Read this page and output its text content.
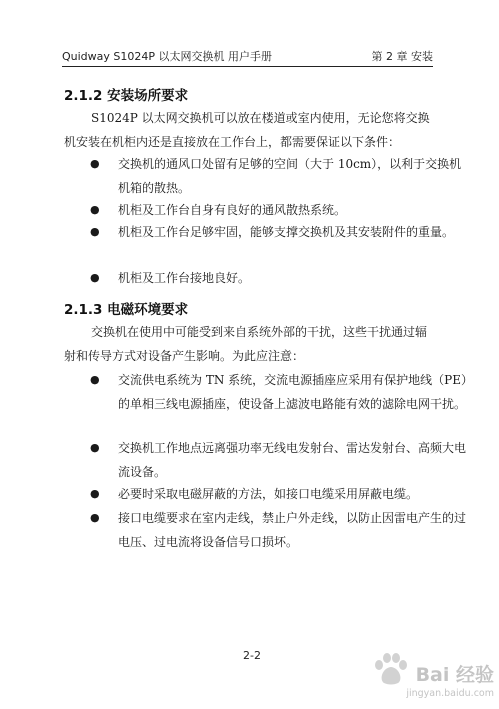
Quidway S1024P 以太网交换机 用户手册	第 2 章 安装
2.1.2 安装场所要求
S1024P 以太网交换机可以放在楼道或室内使用，无论您将交换机安装在机柜内还是直接放在工作台上，都需要保证以下条件：
● 交换机的通风口处留有足够的空间（大于 10cm），以利于交换机机箱的散热。
● 机柜及工作台自身有良好的通风散热系统。
● 机柜及工作台足够牢固，能够支撑交换机及其安装附件的重量。
● 机柜及工作台接地良好。
2.1.3 电磁环境要求
交换机在使用中可能受到来自系统外部的干扰，这些干扰通过辐射和传导方式对设备产生影响。为此应注意：
● 交流供电系统为 TN 系统，交流电源插座应采用有保护地线（PE）的单相三线电源插座，使设备上滤波电路能有效的滤除电网干扰。
● 交换机工作地点远离强功率无线电发射台、雷达发射台、高频大电流设备。
● 必要时采取电磁屏蔽的方法，如接口电缆采用屏蔽电缆。
● 接口电缆要求在室内走线，禁止户外走线，以防止因雷电产生的过电压、过电流将设备信号口损坏。
2-2
Bai 经验
jingyan.baidu.com
